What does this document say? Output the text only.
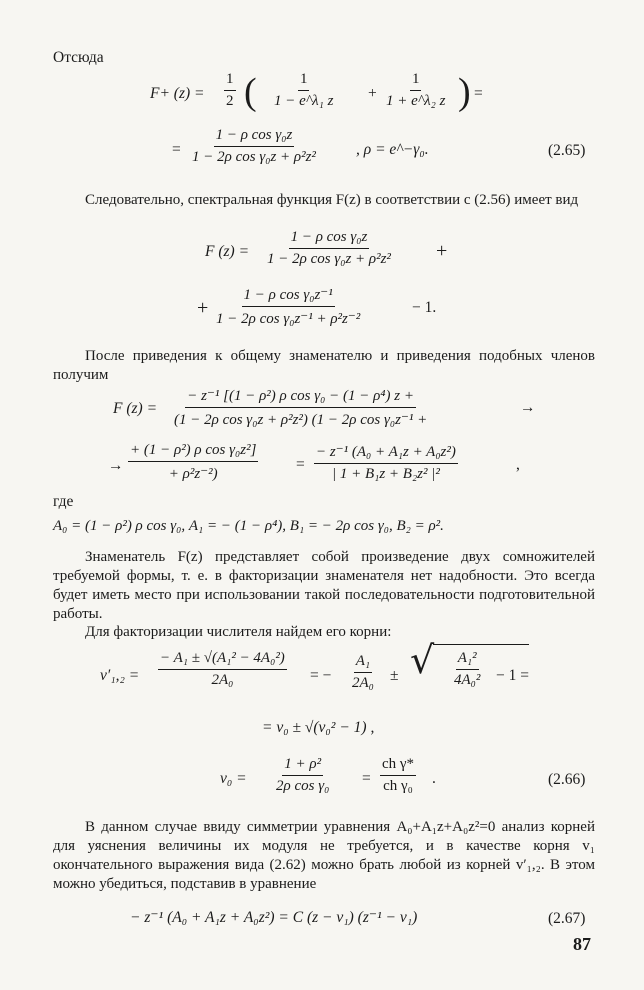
Отсюда
$F+ (z) = \frac{1}{2}$ ( $\frac{1}{\text{1 − e\textasciicircum{}λ₁ z}} + \frac{1}{\text{1 + e\textasciicircum{}λ₂ z}}$ ) =
= $\frac{\text{1 − ρ cos γ₀z}}{\text{1 − 2ρ cos γ₀z + ρ²z²}}$ , ρ = e^−γ₀.	(2.65)
Следовательно, спектральная функция F(z) в соответствии с (2.56) имеет вид
F $(z) = \frac{\text{1 − ρ cos γ₀z}}{\text{1 − 2ρ cos γ₀z + ρ²z²}}$ +
+ $\frac{\text{1 − ρ cos γ₀z⁻¹}}{\text{1 − 2ρ cos γ₀z⁻¹ + ρ²z⁻²}}$	− 1.
После приведения к общему знаменателю и приведения подобных членов получим
F $(z) = \frac{\text{− z⁻¹ [(1 − ρ²) ρ cos γ₀ − (1 − ρ⁴) z +}}{\text{(1 − 2ρ cos γ₀z + ρ²z²) (1 − 2ρ cos γ₀z⁻¹ +}}$	→
→ $\frac{\text{+ (1 − ρ²) ρ cos γ₀z²]}}{\text{+ ρ²z⁻²)}} = \frac{\text{− z⁻¹ (A₀ + A₁z + A₀z²)}}{\text{| 1 + B₁z + B₂z² |²}}$	,
где
A₀ = (1 − ρ²) ρ cos γ₀, A₁ = − (1 − ρ⁴), B₁ = − 2ρ cos γ₀, B₂ = ρ².
Знаменатель F(z) представляет собой произведение двух сомножителей требуемой формы, т. е. в факторизации знаменателя нет надобности. Это всегда будет иметь место при использовании такой последовательности подготовительной работы.
Для факторизации числителя найдем его корни:
$v'_1,_2 = \frac{\text{− A₁ ± √(A₁² − 4A₀²)}}{\text{2A₀}}$ = − $\frac{\text{A₁}}{\text{2A₀}}$ ± √ $\frac{\text{A₁²}}{\text{4A₀²}} - 1$ =
= v₀ ± √(v₀² − 1) ,
$v_0 = \frac{\text{1 + ρ²}}{\text{2ρ cos γ₀}} = \frac{\text{ch γ*}}{\text{ch γ₀}}$ .	(2.66)
В данном случае ввиду симметрии уравнения A₀+A₁z+A₀z²=0 анализ корней для уяснения величины их модуля не требуется, и в качестве корня v₁ окончательного выражения вида (2.62) можно брать любой из корней v′₁,₂. В этом можно убедиться, подставив в уравнение
− z⁻¹ (A₀ + A₁z + A₀z²) = C (z − v₁) (z⁻¹ − v₁)	(2.67)
87
